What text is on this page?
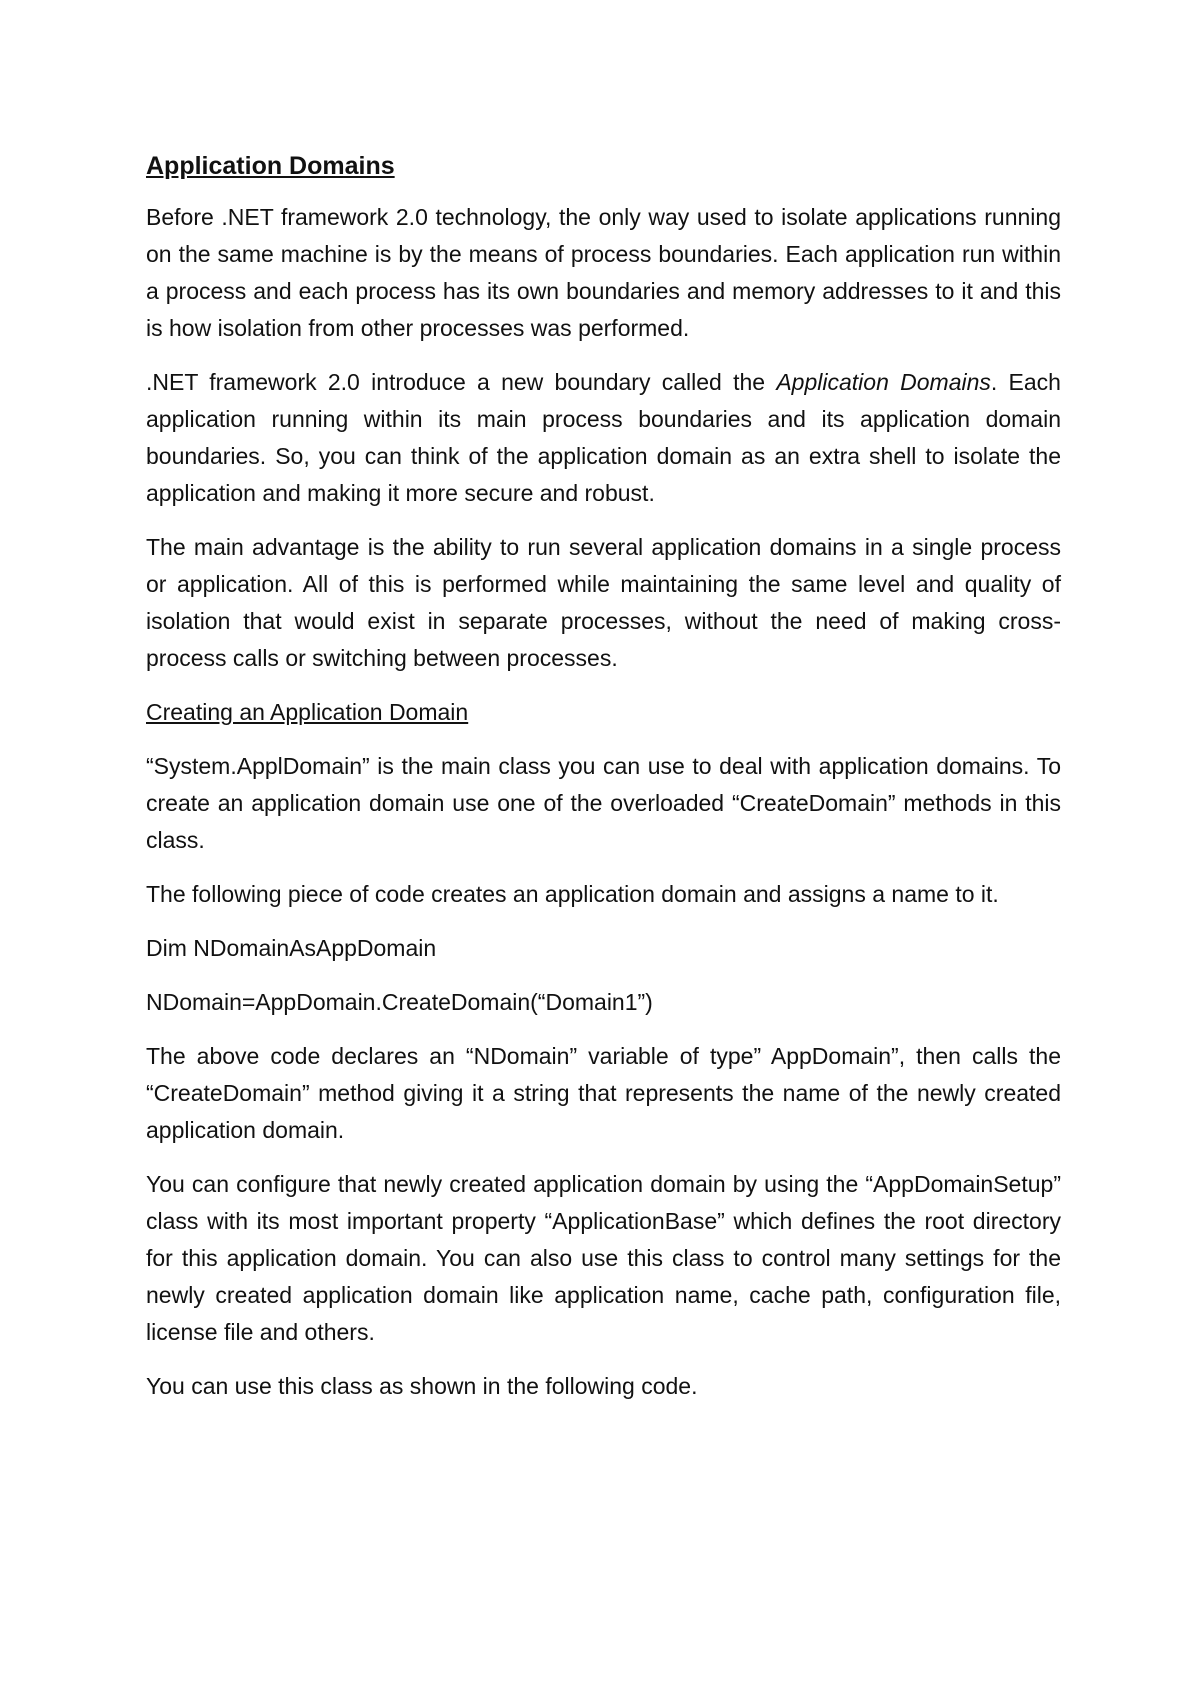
Application Domains

Before .NET framework 2.0 technology, the only way used to isolate applications running on the same machine is by the means of process boundaries. Each application run within a process and each process has its own boundaries and memory addresses to it and this is how isolation from other processes was performed.

.NET framework 2.0 introduce a new boundary called the Application Domains. Each application running within its main process boundaries and its application domain boundaries. So, you can think of the application domain as an extra shell to isolate the application and making it more secure and robust.

The main advantage is the ability to run several application domains in a single process or application. All of this is performed while maintaining the same level and quality of isolation that would exist in separate processes, without the need of making cross-process calls or switching between processes.

Creating an Application Domain

“System.ApplDomain” is the main class you can use to deal with application domains. To create an application domain use one of the overloaded “CreateDomain” methods in this class.

The following piece of code creates an application domain and assigns a name to it.

Dim NDomainAsAppDomain
NDomain=AppDomain.CreateDomain(“Domain1”)

The above code declares an “NDomain” variable of type” AppDomain”, then calls the “CreateDomain” method giving it a string that represents the name of the newly created application domain.

You can configure that newly created application domain by using the “AppDomainSetup” class with its most important property “ApplicationBase” which defines the root directory for this application domain. You can also use this class to control many settings for the newly created application domain like application name, cache path, configuration file, license file and others.

You can use this class as shown in the following code.
